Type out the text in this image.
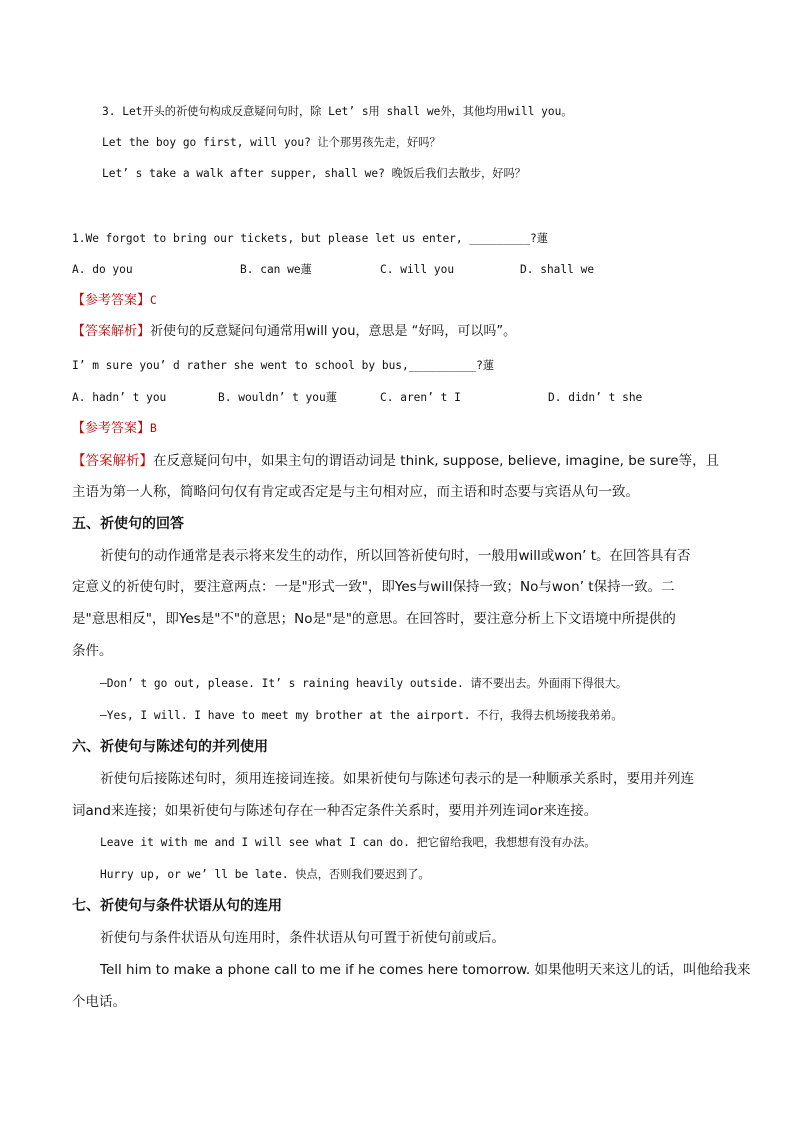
3. Let开头的祈使句构成反意疑问句时，除 Let’ s用 shall we外，其他均用will you。
Let the boy go first, will you? 让个那男孩先走，好吗？
Let’ s take a walk after supper, shall we? 晚饭后我们去散步，好吗？
1.We forgot to bring our tickets, but please let us enter, _________?蓮
A. do you	B. can we蓮	C. will you	D. shall we
【参考答案】C
【答案解析】祈使句的反意疑问句通常用will you，意思是 “好吗，可以吗”。
I’ m sure you’ d rather she went to school by bus,__________?蓮
A. hadn’ t you	B. wouldn’ t you蓮	C. aren’ t I	D. didn’ t she
【参考答案】B
【答案解析】在反意疑问句中，如果主句的谓语动词是 think, suppose, believe, imagine, be sure等，且
主语为第一人称，简略问句仅有肯定或否定是与主句相对应，而主语和时态要与宾语从句一致。
五、祈使句的回答
祈使句的动作通常是表示将来发生的动作，所以回答祈使句时，一般用will或won’ t。在回答具有否
定意义的祈使句时，要注意两点：一是"形式一致"，即Yes与will保持一致；No与won’ t保持一致。二
是"意思相反"，即Yes是"不"的意思；No是"是"的意思。在回答时，要注意分析上下文语境中所提供的
条件。
—Don’ t go out, please. It’ s raining heavily outside. 请不要出去。外面雨下得很大。
—Yes, I will. I have to meet my brother at the airport. 不行，我得去机场接我弟弟。
六、祈使句与陈述句的并列使用
祈使句后接陈述句时，须用连接词连接。如果祈使句与陈述句表示的是一种顺承关系时，要用并列连
词and来连接；如果祈使句与陈述句存在一种否定条件关系时，要用并列连词or来连接。
Leave it with me and I will see what I can do. 把它留给我吧，我想想有没有办法。
Hurry up, or we’ ll be late. 快点，否则我们要迟到了。
七、祈使句与条件状语从句的连用
祈使句与条件状语从句连用时，条件状语从句可置于祈使句前或后。
Tell him to make a phone call to me if he comes here tomorrow. 如果他明天来这儿的话，叫他给我来
个电话。
